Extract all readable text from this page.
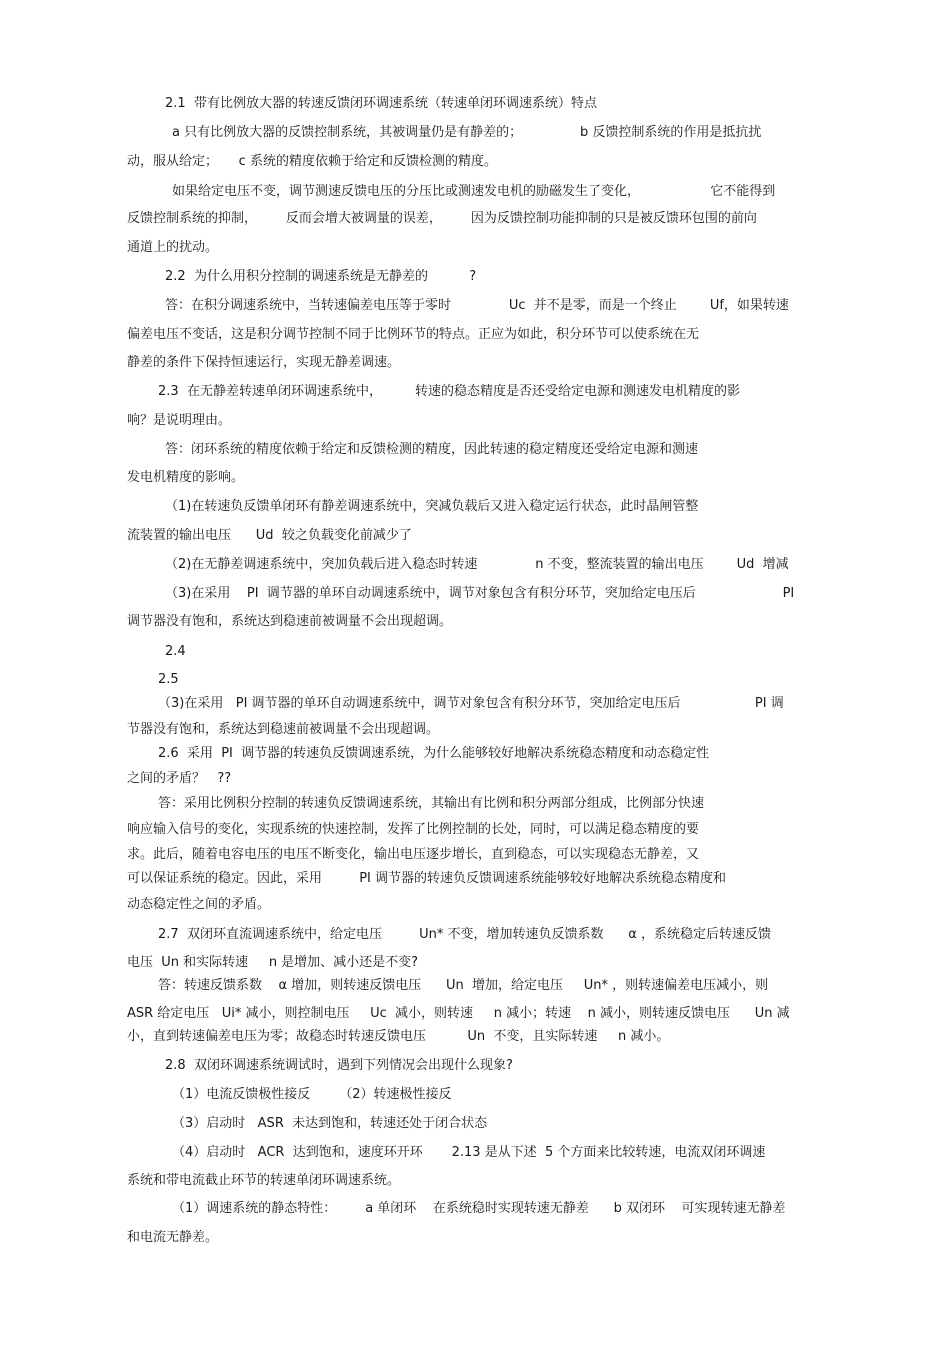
2.1  带有比例放大器的转速反馈闭环调速系统（转速单闭环调速系统）特点

a 只有比例放大器的反馈控制系统，其被调量仍是有静差的；              b 反馈控制系统的作用是抵抗扰

动，服从给定；     c 系统的精度依赖于给定和反馈检测的精度。

如果给定电压不变，调节测速反馈电压的分压比或测速发电机的励磁发生了变化，                 它不能得到

反馈控制系统的抑制，       反而会增大被调量的误差，       因为反馈控制功能抑制的只是被反馈环包围的前向

通道上的扰动。

2.2  为什么用积分控制的调速系统是无静差的          ?

答：在积分调速系统中，当转速偏差电压等于零时              Uc  并不是零，而是一个终止        Uf，如果转速

偏差电压不变话，这是积分调节控制不同于比例环节的特点。正应为如此，积分环节可以使系统在无

静差的条件下保持恒速运行，实现无静差调速。

2.3  在无静差转速单闭环调速系统中，        转速的稳态精度是否还受给定电源和测速发电机精度的影

响？是说明理由。

答：闭环系统的精度依赖于给定和反馈检测的精度，因此转速的稳定精度还受给定电源和测速

发电机精度的影响。

（1)在转速负反馈单闭环有静差调速系统中，突减负载后又进入稳定运行状态，此时晶闸管整

流装置的输出电压      Ud  较之负载变化前减少了

（2)在无静差调速系统中，突加负载后进入稳态时转速              n 不变，整流装置的输出电压        Ud  增减

（3)在采用    PI  调节器的单环自动调速系统中，调节对象包含有积分环节，突加给定电压后                     PI

调节器没有饱和，系统达到稳速前被调量不会出现超调。

2.4

2.5

（3)在采用   PI 调节器的单环自动调速系统中，调节对象包含有积分环节，突加给定电压后                  PI 调

节器没有饱和，系统达到稳速前被调量不会出现超调。

2.6  采用  PI  调节器的转速负反馈调速系统，为什么能够较好地解决系统稳态精度和动态稳定性

之间的矛盾？   ??

答：采用比例积分控制的转速负反馈调速系统，其输出有比例和积分两部分组成，比例部分快速

响应输入信号的变化，实现系统的快速控制，发挥了比例控制的长处，同时，可以满足稳态精度的要

求。此后，随着电容电压的电压不断变化，输出电压逐步增长，直到稳态，可以实现稳态无静差，又

可以保证系统的稳定。因此，采用         PI 调节器的转速负反馈调速系统能够较好地解决系统稳态精度和

动态稳定性之间的矛盾。

2.7  双闭环直流调速系统中，给定电压         Un* 不变，增加转速负反馈系数      α ，系统稳定后转速反馈

电压  Un 和实际转速     n 是增加、减小还是不变?

答：转速反馈系数    α 增加，则转速反馈电压      Un  增加，给定电压     Un* ，则转速偏差电压减小，则

ASR 给定电压   Ui* 减小，则控制电压     Uc  减小，则转速     n 减小；转速    n 减小，则转速反馈电压      Un 减

小，直到转速偏差电压为零；故稳态时转速反馈电压          Un  不变，且实际转速     n 减小。

2.8  双闭环调速系统调试时，遇到下列情况会出现什么现象?

（1）电流反馈极性接反       （2）转速极性接反

（3）启动时   ASR  未达到饱和，转速还处于闭合状态

（4）启动时   ACR  达到饱和，速度环开环       2.13 是从下述  5 个方面来比较转速，电流双闭环调速

系统和带电流截止环节的转速单闭环调速系统。

（1）调速系统的静态特性：       a 单闭环    在系统稳时实现转速无静差      b 双闭环    可实现转速无静差

和电流无静差。
